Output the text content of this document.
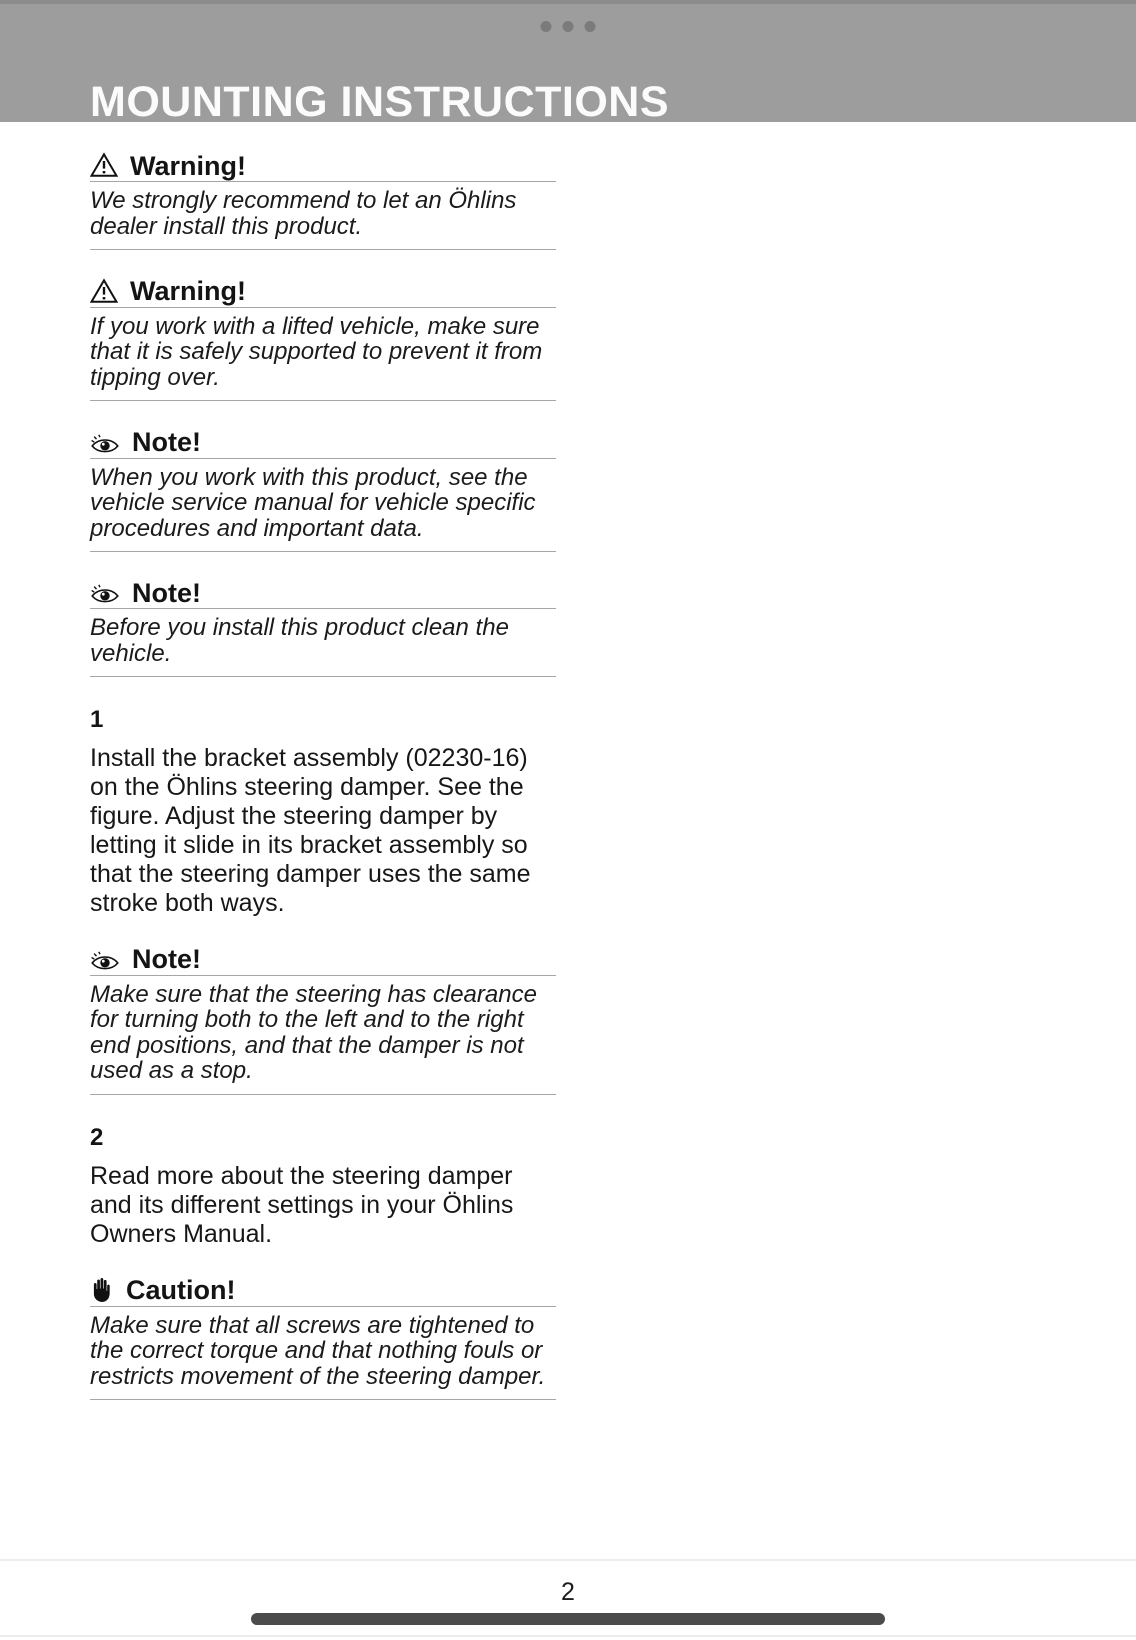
MOUNTING INSTRUCTIONS
Warning!

We strongly recommend to let an Öhlins dealer install this product.

Warning!

If you work with a lifted vehicle, make sure that it is safely supported to prevent it from tipping over.

Note!

When you work with this product, see the vehicle service manual for vehicle specific procedures and important data.

Note!

Before you install this product clean the vehicle.

1

Install the bracket assembly (02230-16) on the Öhlins steering damper. See the figure. Adjust the steering damper by letting it slide in its bracket assembly so that the steering damper uses the same stroke both ways.

Note!

Make sure that the steering has clearance for turning both to the left and to the right end positions, and that the damper is not used as a stop.

2

Read more about the steering damper and its different settings in your Öhlins Owners Manual.

Caution!

Make sure that all screws are tightened to the correct torque and that nothing fouls or restricts movement of the steering damper.

2
